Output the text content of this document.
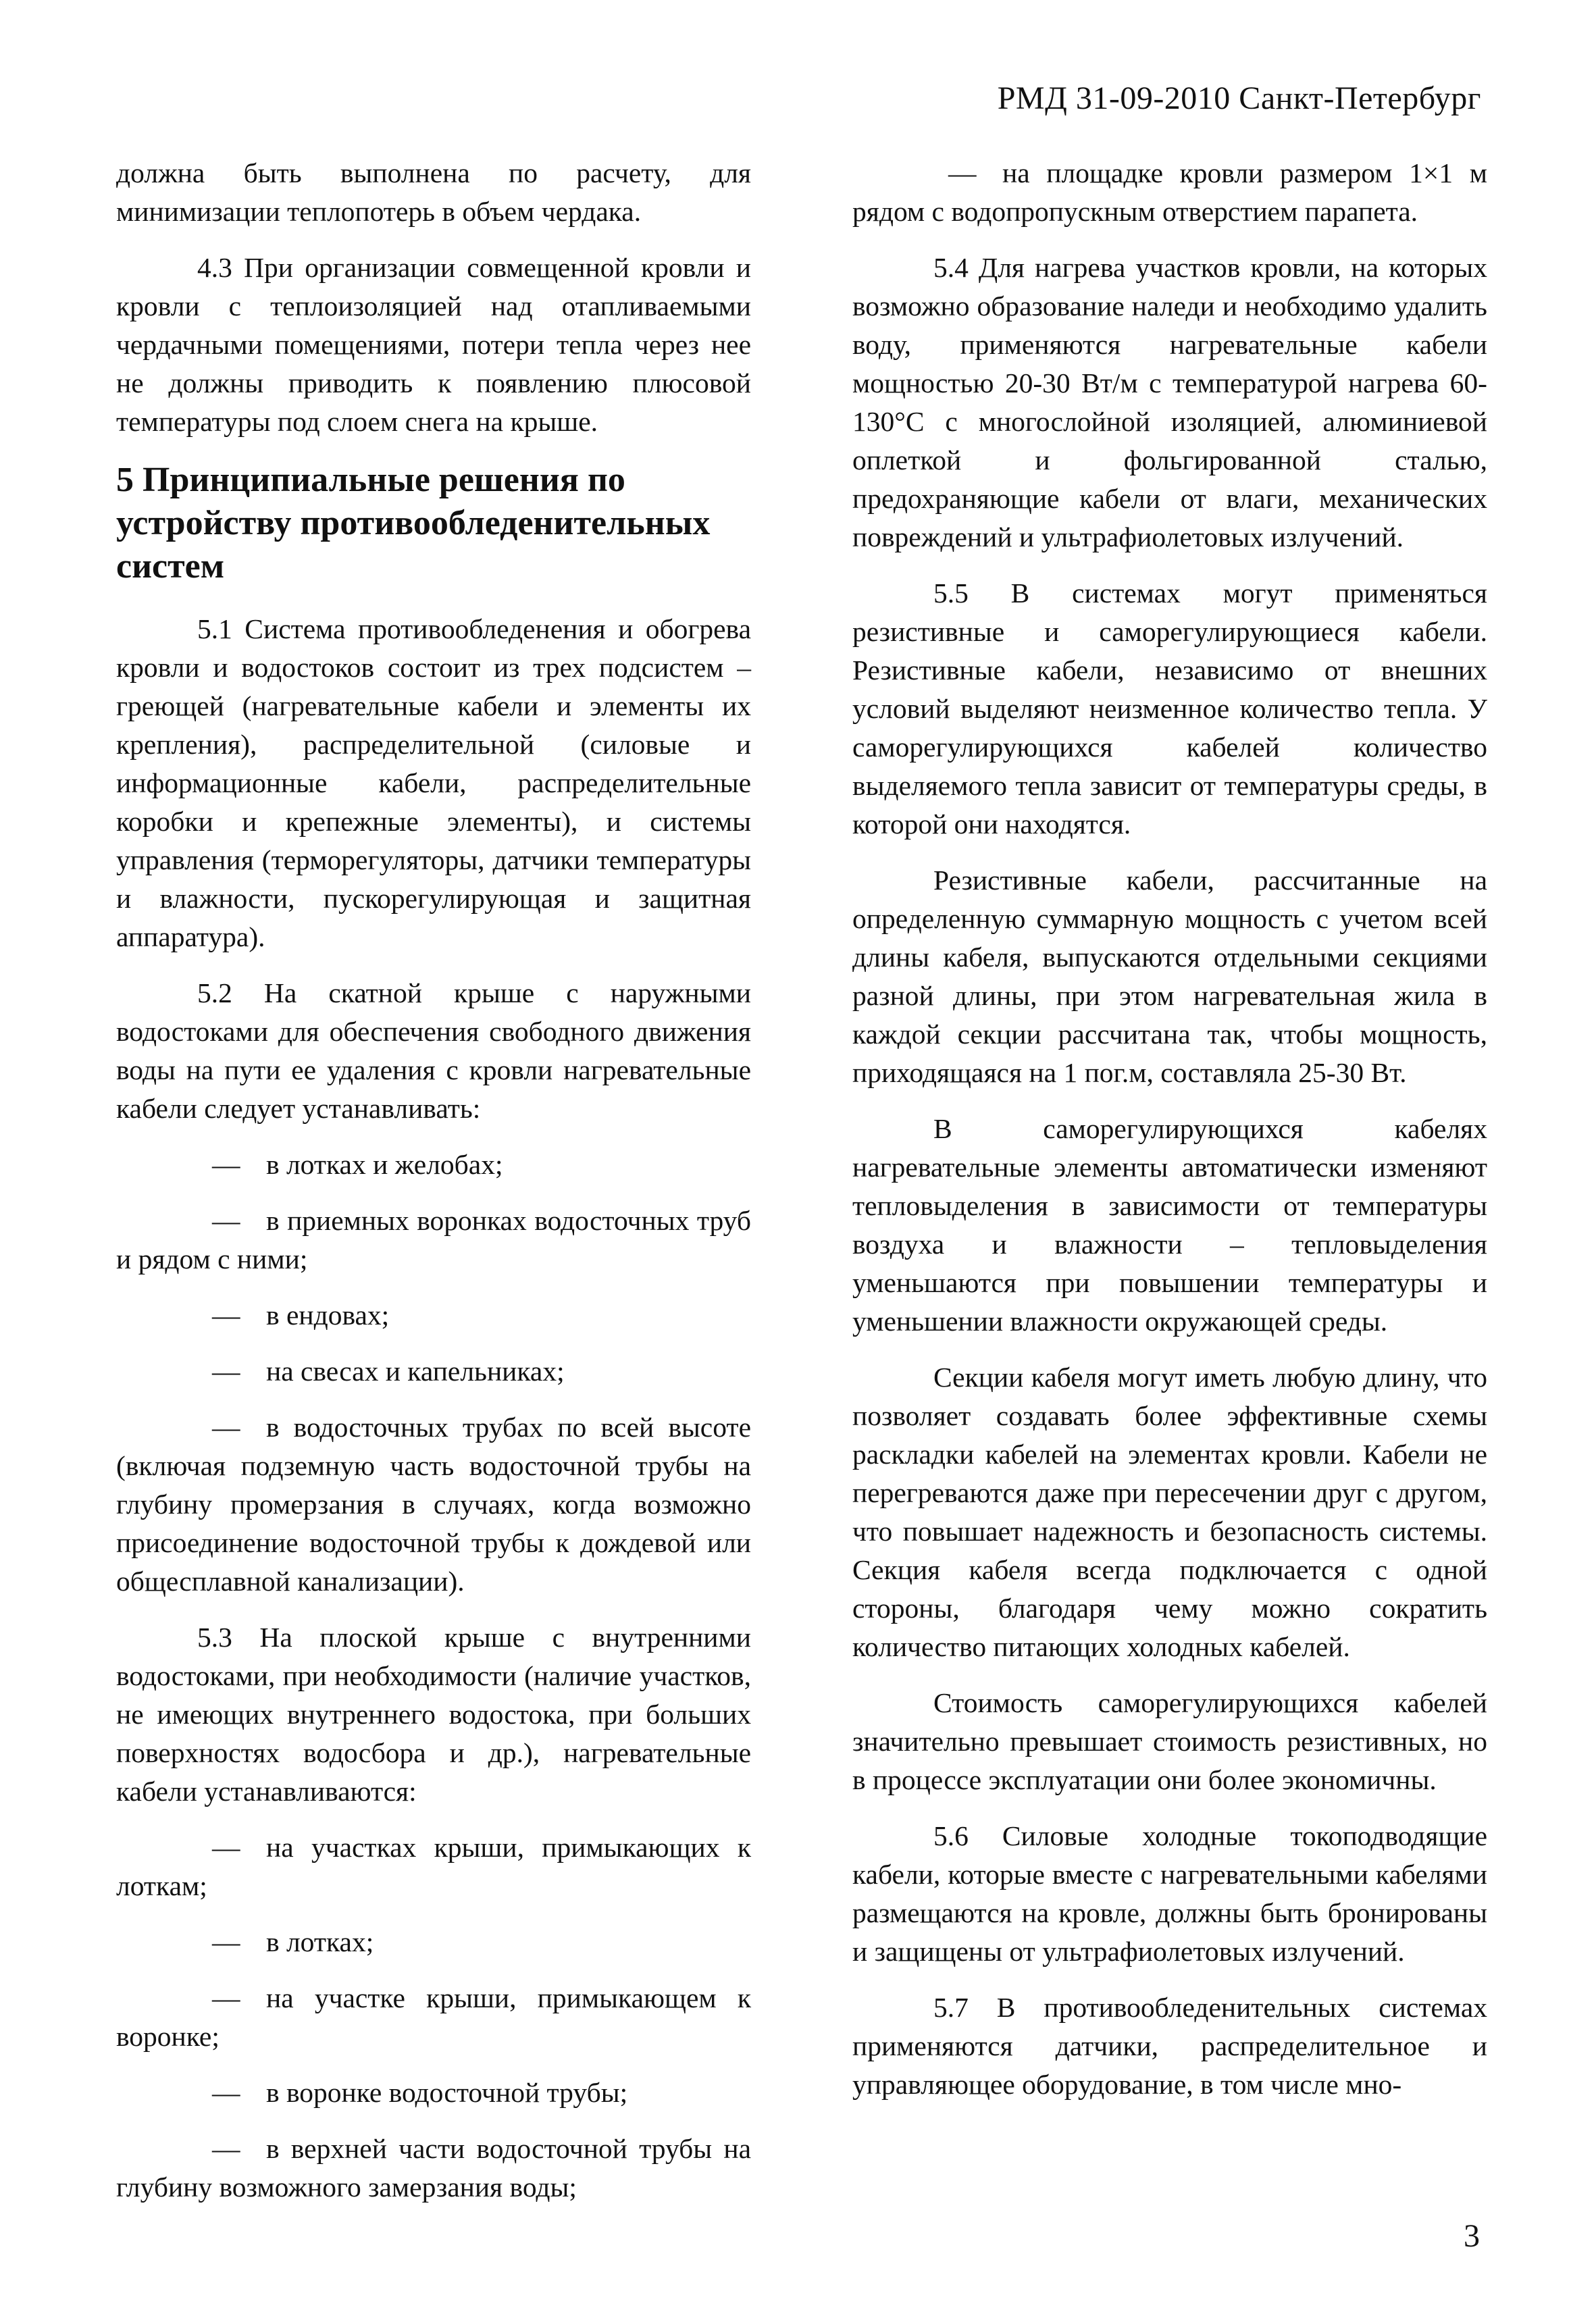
РМД 31-09-2010 Санкт-Петербург

должна быть выполнена по расчету, для минимизации теплопотерь в объем чердака.

4.3 При организации совмещенной кровли и кровли с теплоизоляцией над отапливаемыми чердачными помещениями, потери тепла через нее не должны приводить к появлению плюсовой температуры под слоем снега на крыше.

5 Принципиальные решения по
устройству противообледенительных
систем

5.1 Система противообледенения и обогрева кровли и водостоков состоит из трех подсистем – греющей (нагревательные кабели и элементы их крепления), распределительной (силовые и информационные кабели, распределительные коробки и крепежные элементы), и системы управления (терморегуляторы, датчики температуры и влажности, пускорегулирующая и защитная аппаратура).

5.2 На скатной крыше с наружными водостоками для обеспечения свободного движения воды на пути ее удаления с кровли нагревательные кабели следует устанавливать:

— в лотках и желобах;

— в приемных воронках водосточных труб и рядом с ними;

— в ендовах;

— на свесах и капельниках;

— в водосточных трубах по всей высоте (включая подземную часть водосточной трубы на глубину промерзания в случаях, когда возможно присоединение водосточной трубы к дождевой или общесплавной канализации).

5.3 На плоской крыше с внутренними водостоками, при необходимости (наличие участков, не имеющих внутреннего водостока, при больших поверхностях водосбора и др.), нагревательные кабели устанавливаются:

— на участках крыши, примыкающих к лоткам;

— в лотках;

— на участке крыши, примыкающем к воронке;

— в воронке водосточной трубы;

— в верхней части водосточной трубы на глубину возможного замерзания воды;

— на площадке кровли размером 1×1 м рядом с водопропускным отверстием парапета.

5.4 Для нагрева участков кровли, на которых возможно образование наледи и необходимо удалить воду, применяются нагревательные кабели мощностью 20-30 Вт/м с температурой нагрева 60-130°С с многослойной изоляцией, алюминиевой оплеткой и фольгированной сталью, предохраняющие кабели от влаги, механических повреждений и ультрафиолетовых излучений.

5.5 В системах могут применяться резистивные и саморегулирующиеся кабели. Резистивные кабели, независимо от внешних условий выделяют неизменное количество тепла. У саморегулирующихся кабелей количество выделяемого тепла зависит от температуры среды, в которой они находятся.

Резистивные кабели, рассчитанные на определенную суммарную мощность с учетом всей длины кабеля, выпускаются отдельными секциями разной длины, при этом нагревательная жила в каждой секции рассчитана так, чтобы мощность, приходящаяся на 1 пог.м, составляла 25-30 Вт.

В саморегулирующихся кабелях нагревательные элементы автоматически изменяют тепловыделения в зависимости от температуры воздуха и влажности – тепловыделения уменьшаются при повышении температуры и уменьшении влажности окружающей среды.

Секции кабеля могут иметь любую длину, что позволяет создавать более эффективные схемы раскладки кабелей на элементах кровли. Кабели не перегреваются даже при пересечении друг с другом, что повышает надежность и безопасность системы. Секция кабеля всегда подключается с одной стороны, благодаря чему можно сократить количество питающих холодных кабелей.

Стоимость саморегулирующихся кабелей значительно превышает стоимость резистивных, но в процессе эксплуатации они более экономичны.

5.6 Силовые холодные токоподводящие кабели, которые вместе с нагревательными кабелями размещаются на кровле, должны быть бронированы и защищены от ультрафиолетовых излучений.

5.7 В противообледенительных системах применяются датчики, распределительное и управляющее оборудование, в том числе мно-

3
